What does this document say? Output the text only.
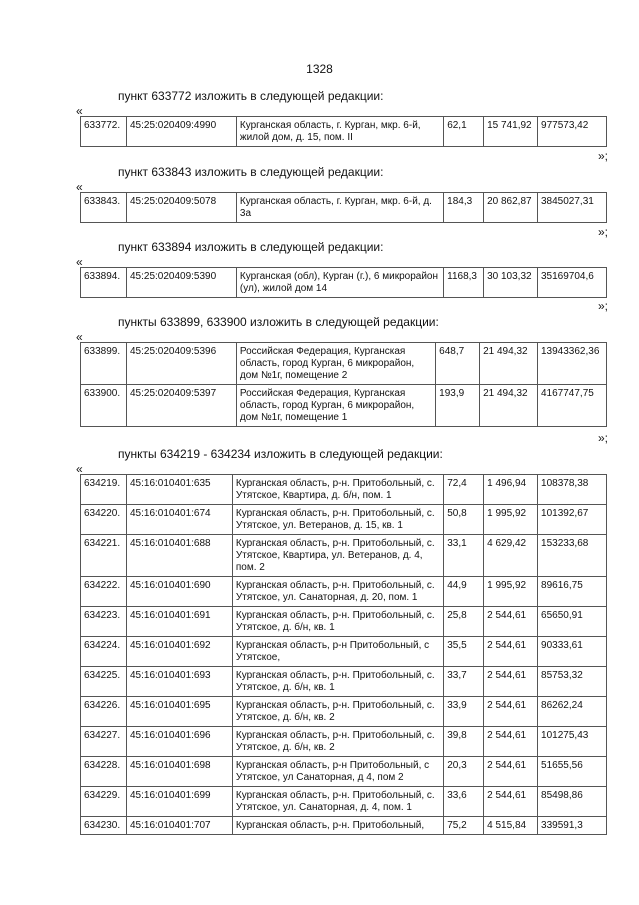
1328
пункт 633772 изложить в следующей редакции:
«
633772.	45:25:020409:4990	Курганская область, г. Курган, мкр. 6-й, жилой дом, д. 15, пом. II	62,1	15 741,92	977573,42
»;
пункт 633843 изложить в следующей редакции:
«
633843.	45:25:020409:5078	Курганская область, г. Курган, мкр. 6-й, д. 3а	184,3	20 862,87	3845027,31
»;
пункт 633894 изложить в следующей редакции:
«
633894.	45:25:020409:5390	Курганская (обл), Курган (г.), 6 микрорайон (ул), жилой дом 14	1168,3	30 103,32	35169704,6
»;
пункты 633899, 633900 изложить в следующей редакции:
«
633899.	45:25:020409:5396	Российская Федерация, Курганская область, город Курган, 6 микрорайон, дом №1г, помещение 2	648,7	21 494,32	13943362,36
633900.	45:25:020409:5397	Российская Федерация, Курганская область, город Курган, 6 микрорайон, дом №1г, помещение 1	193,9	21 494,32	4167747,75
»;
пункты 634219 - 634234 изложить в следующей редакции:
«
634219.	45:16:010401:635	Курганская область, р-н. Притобольный, с. Утятское, Квартира, д. б/н, пом. 1	72,4	1 496,94	108378,38
634220.	45:16:010401:674	Курганская область, р-н. Притобольный, с. Утятское, ул. Ветеранов, д. 15, кв. 1	50,8	1 995,92	101392,67
634221.	45:16:010401:688	Курганская область, р-н. Притобольный, с. Утятское, Квартира, ул. Ветеранов, д. 4, пом. 2	33,1	4 629,42	153233,68
634222.	45:16:010401:690	Курганская область, р-н. Притобольный, с. Утятское, ул. Санаторная, д. 20, пом. 1	44,9	1 995,92	89616,75
634223.	45:16:010401:691	Курганская область, р-н. Притобольный, с. Утятское, д. б/н, кв. 1	25,8	2 544,61	65650,91
634224.	45:16:010401:692	Курганская область, р-н Притобольный, с Утятское,	35,5	2 544,61	90333,61
634225.	45:16:010401:693	Курганская область, р-н. Притобольный, с. Утятское, д. б/н, кв. 1	33,7	2 544,61	85753,32
634226.	45:16:010401:695	Курганская область, р-н. Притобольный, с. Утятское, д. б/н, кв. 2	33,9	2 544,61	86262,24
634227.	45:16:010401:696	Курганская область, р-н. Притобольный, с. Утятское, д. б/н, кв. 2	39,8	2 544,61	101275,43
634228.	45:16:010401:698	Курганская область, р-н Притобольный, с Утятское, ул Санаторная, д 4, пом 2	20,3	2 544,61	51655,56
634229.	45:16:010401:699	Курганская область, р-н. Притобольный, с. Утятское, ул. Санаторная, д. 4, пом. 1	33,6	2 544,61	85498,86
634230.	45:16:010401:707	Курганская область, р-н. Притобольный,	75,2	4 515,84	339591,3
